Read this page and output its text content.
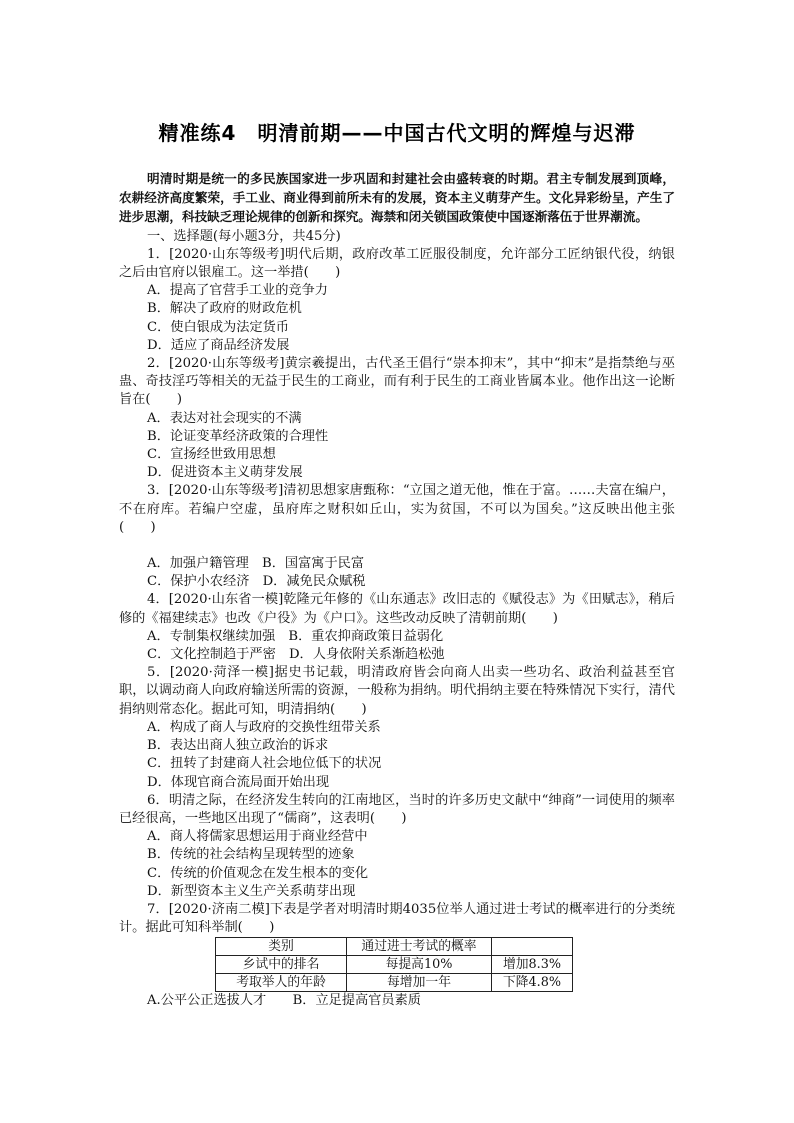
精准练4　明清前期——中国古代文明的辉煌与迟滞

明清时期是统一的多民族国家进一步巩固和封建社会由盛转衰的时期。君主专制发展到顶峰，农耕经济高度繁荣，手工业、商业得到前所未有的发展，资本主义萌芽产生。文化异彩纷呈，产生了进步思潮，科技缺乏理论规律的创新和探究。海禁和闭关锁国政策使中国逐渐落伍于世界潮流。

一、选择题(每小题3分，共45分)

1．[2020·山东等级考]明代后期，政府改革工匠服役制度，允许部分工匠纳银代役，纳银之后由官府以银雇工。这一举措(　　)

A．提高了官营手工业的竞争力

B．解决了政府的财政危机

C．使白银成为法定货币

D．适应了商品经济发展

2．[2020·山东等级考]黄宗羲提出，古代圣王倡行“崇本抑末”，其中“抑末”是指禁绝与巫蛊、奇技淫巧等相关的无益于民生的工商业，而有利于民生的工商业皆属本业。他作出这一论断旨在(　　)

A．表达对社会现实的不满

B．论证变革经济政策的合理性

C．宣扬经世致用思想

D．促进资本主义萌芽发展

3．[2020·山东等级考]清初思想家唐甄称：“立国之道无他，惟在于富。……夫富在编户，不在府库。若编户空虚，虽府库之财积如丘山，实为贫国，不可以为国矣。”这反映出他主张(　　)

A．加强户籍管理　B．国富寓于民富

C．保护小农经济　D．减免民众赋税

4．[2020·山东省一模]乾隆元年修的《山东通志》改旧志的《赋役志》为《田赋志》，稍后修的《福建续志》也改《户役》为《户口》。这些改动反映了清朝前期(　　)

A．专制集权继续加强　B．重农抑商政策日益弱化

C．文化控制趋于严密　D．人身依附关系渐趋松弛

5．[2020·菏泽一模]据史书记载，明清政府皆会向商人出卖一些功名、政治利益甚至官职，以调动商人向政府输送所需的资源，一般称为捐纳。明代捐纳主要在特殊情况下实行，清代捐纳则常态化。据此可知，明清捐纳(　　)

A．构成了商人与政府的交换性纽带关系

B．表达出商人独立政治的诉求

C．扭转了封建商人社会地位低下的状况

D．体现官商合流局面开始出现

6．明清之际，在经济发生转向的江南地区，当时的许多历史文献中“绅商”一词使用的频率已经很高，一些地区出现了“儒商”，这表明(　　)

A．商人将儒家思想运用于商业经营中

B．传统的社会结构呈现转型的迹象

C．传统的价值观念在发生根本的变化

D．新型资本主义生产关系萌芽出现

7．[2020·济南二模]下表是学者对明清时期4035位举人通过进士考试的概率进行的分类统计。据此可知科举制(　　)

类别	通过进士考试的概率	
乡试中的排名	每提高10%	增加8.3%
考取举人的年龄	每增加一年	下降4.8%

A.公平公正选拔人才　　B．立足提高官员素质
